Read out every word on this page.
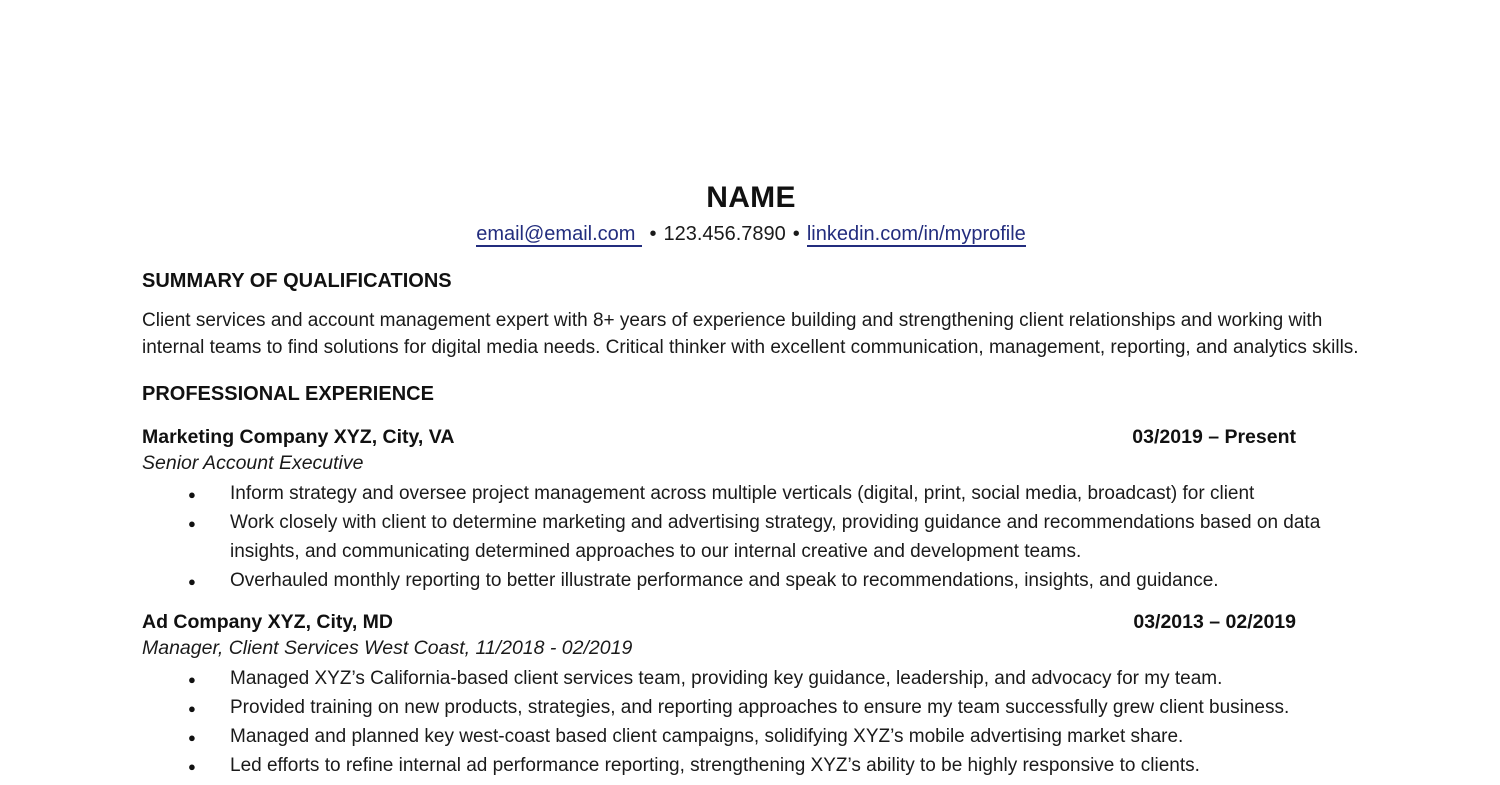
NAME
email@email.com • 123.456.7890 • linkedin.com/in/myprofile
SUMMARY OF QUALIFICATIONS

Client services and account management expert with 8+ years of experience building and strengthening client relationships and working with internal teams to find solutions for digital media needs. Critical thinker with excellent communication, management, reporting, and analytics skills.

PROFESSIONAL EXPERIENCE
Marketing Company XYZ, City, VA	03/2019 – Present
Senior Account Executive
● Inform strategy and oversee project management across multiple verticals (digital, print, social media, broadcast) for client
● Work closely with client to determine marketing and advertising strategy, providing guidance and recommendations based on data insights, and communicating determined approaches to our internal creative and development teams.
● Overhauled monthly reporting to better illustrate performance and speak to recommendations, insights, and guidance.
Ad Company XYZ, City, MD	03/2013 – 02/2019
Manager, Client Services West Coast, 11/2018 - 02/2019
● Managed XYZ’s California-based client services team, providing key guidance, leadership, and advocacy for my team.
● Provided training on new products, strategies, and reporting approaches to ensure my team successfully grew client business.
● Managed and planned key west-coast based client campaigns, solidifying XYZ’s mobile advertising market share.
● Led efforts to refine internal ad performance reporting, strengthening XYZ’s ability to be highly responsive to clients.
